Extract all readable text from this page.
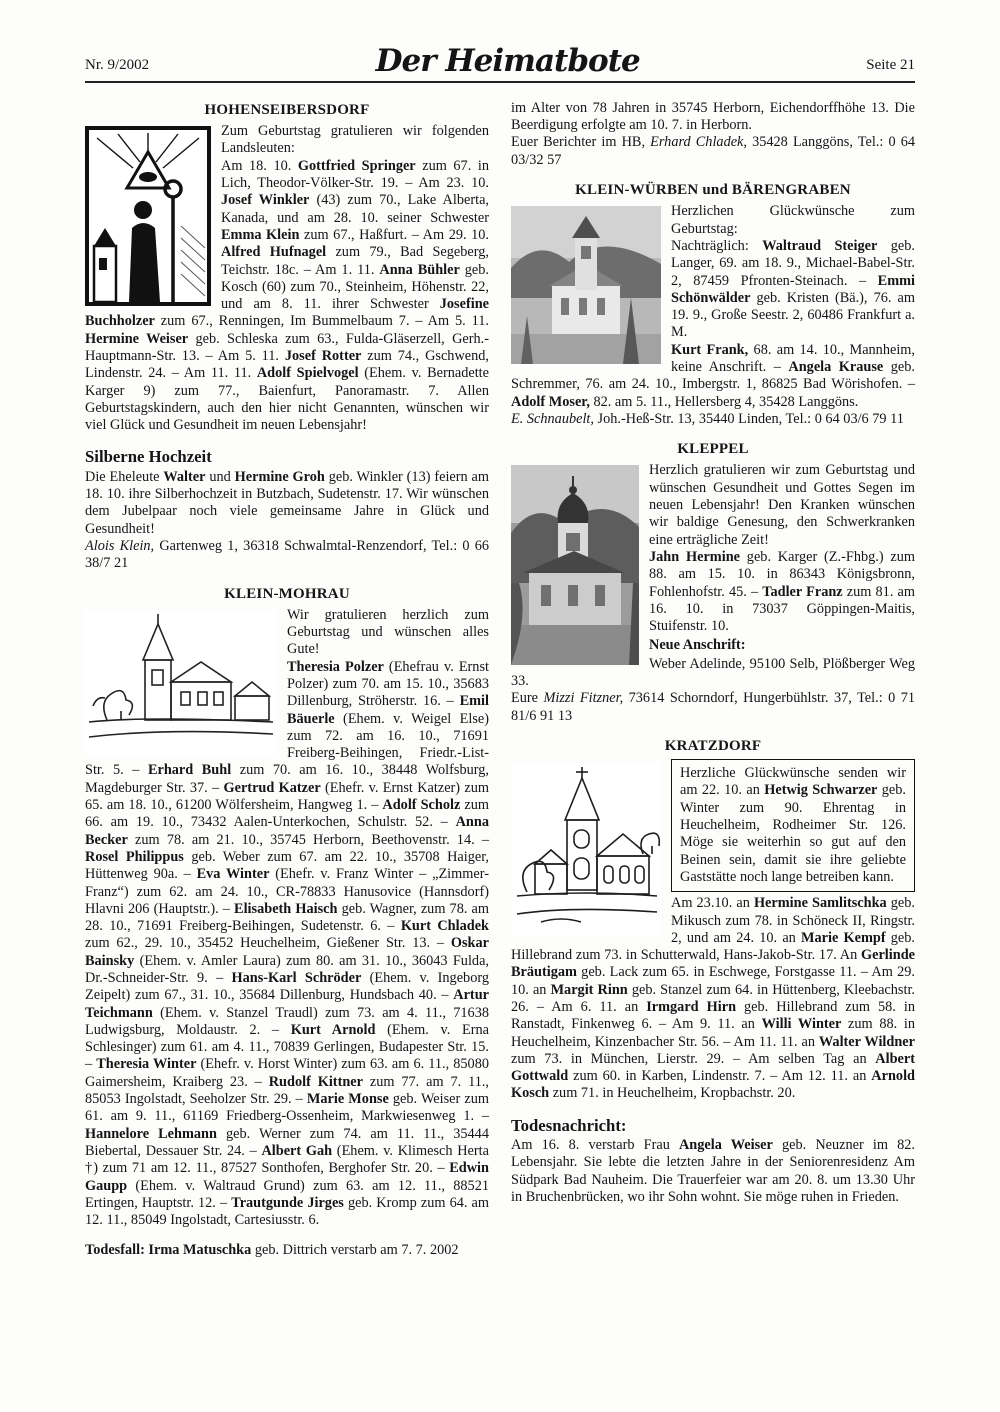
Nr. 9/2002	Der Heimatbote	Seite 21
HOHENSEIBERSDORF

Zum Geburtstag gratulieren wir folgenden Landsleuten:

Am 18. 10. Gottfried Springer zum 67. in Lich, Theodor-Völker-Str. 19. – Am 23. 10. Josef Winkler (43) zum 70., Lake Alberta, Kanada, und am 28. 10. seiner Schwester Emma Klein zum 67., Haßfurt. – Am 29. 10. Alfred Hufnagel zum 79., Bad Segeberg, Teichstr. 18c. – Am 1. 11. Anna Bühler geb. Kosch (60) zum 70., Steinheim, Höhenstr. 22, und am 8. 11. ihrer Schwester Josefine Buchholzer zum 67., Renningen, Im Bummelbaum 7. – Am 5. 11. Hermine Weiser geb. Schleska zum 63., Fulda-Gläserzell, Gerh.-Hauptmann-Str. 13. – Am 5. 11. Josef Rotter zum 74., Gschwend, Lindenstr. 24. – Am 11. 11. Adolf Spielvogel (Ehem. v. Bernadette Karger 9) zum 77., Baienfurt, Panoramastr. 7. Allen Geburtstagskindern, auch den hier nicht Genannten, wünschen wir viel Glück und Gesundheit im neuen Lebensjahr!

Silberne Hochzeit

Die Eheleute Walter und Hermine Groh geb. Winkler (13) feiern am 18. 10. ihre Silberhochzeit in Butzbach, Sudetenstr. 17. Wir wünschen dem Jubelpaar noch viele gemeinsame Jahre in Glück und Gesundheit!

Alois Klein, Gartenweg 1, 36318 Schwalmtal-Renzendorf, Tel.: 0 66 38/7 21

KLEIN-MOHRAU

Wir gratulieren herzlich zum Geburtstag und wünschen alles Gute!

Theresia Polzer (Ehefrau v. Ernst Polzer) zum 70. am 15. 10., 35683 Dillenburg, Ströherstr. 16. – Emil Bäuerle (Ehem. v. Weigel Else) zum 72. am 16. 10., 71691 Freiberg-Beihingen, Friedr.-List-Str. 5. – Erhard Buhl zum 70. am 16. 10., 38448 Wolfsburg, Magdeburger Str. 37. – Gertrud Katzer (Ehefr. v. Ernst Katzer) zum 65. am 18. 10., 61200 Wölfersheim, Hangweg 1. – Adolf Scholz zum 66. am 19. 10., 73432 Aalen-Unterkochen, Schulstr. 52. – Anna Becker zum 78. am 21. 10., 35745 Herborn, Beethovenstr. 14. – Rosel Philippus geb. Weber zum 67. am 22. 10., 35708 Haiger, Hüttenweg 90a. – Eva Winter (Ehefr. v. Franz Winter – „Zimmer-Franz“) zum 62. am 24. 10., CR-78833 Hanusovice (Hannsdorf) Hlavni 206 (Hauptstr.). – Elisabeth Haisch geb. Wagner, zum 78. am 28. 10., 71691 Freiberg-Beihingen, Sudetenstr. 6. – Kurt Chladek zum 62., 29. 10., 35452 Heuchelheim, Gießener Str. 13. – Oskar Bainsky (Ehem. v. Amler Laura) zum 80. am 31. 10., 36043 Fulda, Dr.-Schneider-Str. 9. – Hans-Karl Schröder (Ehem. v. Ingeborg Zeipelt) zum 67., 31. 10., 35684 Dillenburg, Hundsbach 40. – Artur Teichmann (Ehem. v. Stanzel Traudl) zum 73. am 4. 11., 71638 Ludwigsburg, Moldaustr. 2. – Kurt Arnold (Ehem. v. Erna Schlesinger) zum 61. am 4. 11., 70839 Gerlingen, Budapester Str. 15. – Theresia Winter (Ehefr. v. Horst Winter) zum 63. am 6. 11., 85080 Gaimersheim, Kraiberg 23. – Rudolf Kittner zum 77. am 7. 11., 85053 Ingolstadt, Seeholzer Str. 29. – Marie Monse geb. Weiser zum 61. am 9. 11., 61169 Friedberg-Ossenheim, Markwiesenweg 1. – Hannelore Lehmann geb. Werner zum 74. am 11. 11., 35444 Biebertal, Dessauer Str. 24. – Albert Gah (Ehem. v. Klimesch Herta †) zum 71 am 12. 11., 87527 Sonthofen, Berghofer Str. 20. – Edwin Gaupp (Ehem. v. Waltraud Grund) zum 63. am 12. 11., 88521 Ertingen, Hauptstr. 12. – Trautgunde Jirges geb. Kromp zum 64. am 12. 11., 85049 Ingolstadt, Cartesiusstr. 6.

Todesfall: Irma Matuschka geb. Dittrich verstarb am 7. 7. 2002

im Alter von 78 Jahren in 35745 Herborn, Eichendorffhöhe 13. Die Beerdigung erfolgte am 10. 7. in Herborn.

Euer Berichter im HB, Erhard Chladek, 35428 Langgöns, Tel.: 0 64 03/32 57

KLEIN-WÜRBEN und BÄRENGRABEN

Herzlichen Glückwünsche zum Geburtstag:

Nachträglich: Waltraud Steiger geb. Langer, 69. am 18. 9., Michael-Babel-Str. 2, 87459 Pfronten-Steinach. – Emmi Schönwälder geb. Kristen (Bä.), 76. am 19. 9., Große Seestr. 2, 60486 Frankfurt a. M.

Kurt Frank, 68. am 14. 10., Mannheim, keine Anschrift. – Angela Krause geb. Schremmer, 76. am 24. 10., Imbergstr. 1, 86825 Bad Wörishofen. – Adolf Moser, 82. am 5. 11., Hellersberg 4, 35428 Langgöns.

E. Schnaubelt, Joh.-Heß-Str. 13, 35440 Linden, Tel.: 0 64 03/6 79 11

KLEPPEL

Herzlich gratulieren wir zum Geburtstag und wünschen Gesundheit und Gottes Segen im neuen Lebensjahr! Den Kranken wünschen wir baldige Genesung, den Schwerkranken eine erträgliche Zeit!

Jahn Hermine geb. Karger (Z.-Fhbg.) zum 88. am 15. 10. in 86343 Königsbronn, Fohlenhofstr. 45. – Tadler Franz zum 81. am 16. 10. in 73037 Göppingen-Maitis, Stuifenstr. 10.

Neue Anschrift:

Weber Adelinde, 95100 Selb, Plößberger Weg 33.

Eure Mizzi Fitzner, 73614 Schorndorf, Hungerbühlstr. 37, Tel.: 0 71 81/6 91 13

KRATZDORF

Herzliche Glückwünsche senden wir am 22. 10. an Hetwig Schwarzer geb. Winter zum 90. Ehrentag in Heuchelheim, Rodheimer Str. 126. Möge sie weiterhin so gut auf den Beinen sein, damit sie ihre geliebte Gaststätte noch lange betreiben kann.

Am 23.10. an Hermine Samlitschka geb. Mikusch zum 78. in Schöneck II, Ringstr. 2, und am 24. 10. an Marie Kempf geb. Hillebrand zum 73. in Schutterwald, Hans-Jakob-Str. 17. An Gerlinde Bräutigam geb. Lack zum 65. in Eschwege, Forstgasse 11. – Am 29. 10. an Margit Rinn geb. Stanzel zum 64. in Hüttenberg, Kleebachstr. 26. – Am 6. 11. an Irmgard Hirn geb. Hillebrand zum 58. in Ranstadt, Finkenweg 6. – Am 9. 11. an Willi Winter zum 88. in Heuchelheim, Kinzenbacher Str. 56. – Am 11. 11. an Walter Wildner zum 73. in München, Lierstr. 29. – Am selben Tag an Albert Gottwald zum 60. in Karben, Lindenstr. 7. – Am 12. 11. an Arnold Kosch zum 71. in Heuchelheim, Kropbachstr. 20.

Todesnachricht:

Am 16. 8. verstarb Frau Angela Weiser geb. Neuzner im 82. Lebensjahr. Sie lebte die letzten Jahre in der Seniorenresidenz Am Südpark Bad Nauheim. Die Trauerfeier war am 20. 8. um 13.30 Uhr in Bruchenbrücken, wo ihr Sohn wohnt. Sie möge ruhen in Frieden.
